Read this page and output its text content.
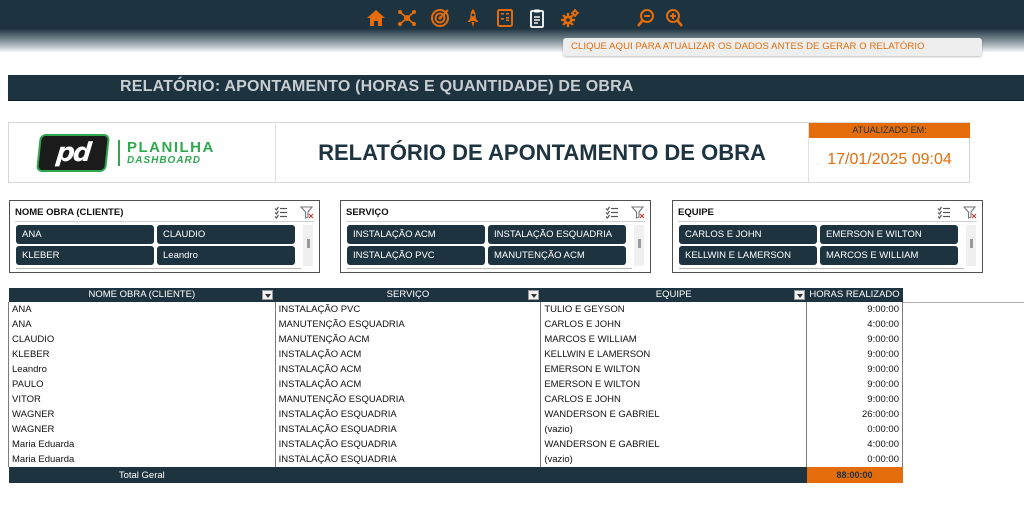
CLIQUE AQUI PARA ATUALIZAR OS DADOS ANTES DE GERAR O RELATÓRIO
RELATÓRIO: APONTAMENTO (HORAS E QUANTIDADE) DE OBRA
pd	PLANILHA
DASHBOARD	RELATÓRIO DE APONTAMENTO DE OBRA
ATUALIZADO EM:
17/01/2025 09:04
NOME OBRA (CLIENTE)
ANA	CLAUDIO
KLEBER	Leandro
SERVIÇO
INSTALAÇÃO ACM	INSTALAÇÃO ESQUADRIA
INSTALAÇÃO PVC	MANUTENÇÃO ACM
EQUIPE
CARLOS E JOHN	EMERSON E WILTON
KELLWIN E LAMERSON	MARCOS E WILLIAM
NOME OBRA (CLIENTE)	SERVIÇO	EQUIPE	HORAS REALIZADO
ANA	INSTALAÇÃO PVC	TULIO E GEYSON	9:00:00
ANA	MANUTENÇÃO ESQUADRIA	CARLOS E JOHN	4:00:00
CLAUDIO	MANUTENÇÃO ACM	MARCOS E WILLIAM	9:00:00
KLEBER	INSTALAÇÃO ACM	KELLWIN E LAMERSON	9:00:00
Leandro	INSTALAÇÃO ACM	EMERSON E WILTON	9:00:00
PAULO	INSTALAÇÃO ACM	EMERSON E WILTON	9:00:00
VITOR	MANUTENÇÃO ESQUADRIA	CARLOS E JOHN	9:00:00
WAGNER	INSTALAÇÃO ESQUADRIA	WANDERSON E GABRIEL	26:00:00
WAGNER	INSTALAÇÃO ESQUADRIA	(vazio)	0:00:00
Maria Eduarda	INSTALAÇÃO ESQUADRIA	WANDERSON E GABRIEL	4:00:00
Maria Eduarda	INSTALAÇÃO ESQUADRIA	(vazio)	0:00:00
Total Geral			88:00:00
